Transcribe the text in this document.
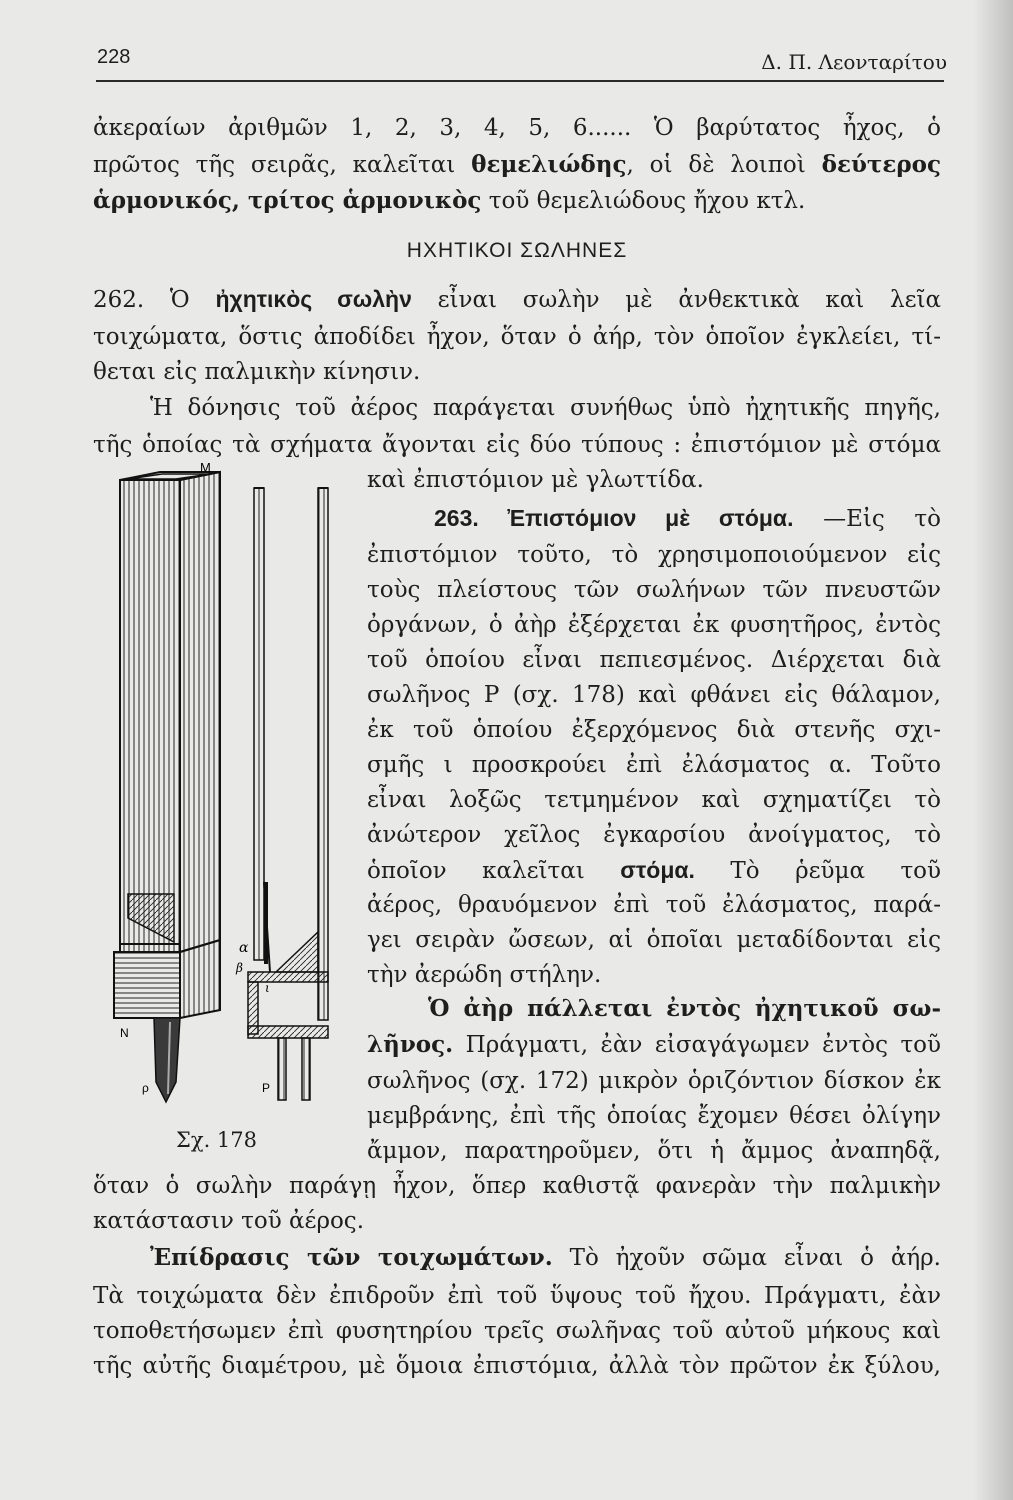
228	Δ. Π. Λεονταρίτου
ἀκεραίων ἀριθμῶν 1, 2, 3, 4, 5, 6...... Ὁ βαρύτατος ἦχος, ὁ
πρῶτος τῆς σειρᾶς, καλεῖται θεμελιώδης, οἱ δὲ λοιποὶ δεύτερος
ἁρμονικός, τρίτος ἁρμονικὸς τοῦ θεμελιώδους ἤχου κτλ.
ΗΧΗΤΙΚΟΙ ΣΩΛΗΝΕΣ
262. Ὁ ἠχητικὸς σωλὴν εἶναι σωλὴν μὲ ἀνθεκτικὰ καὶ λεῖα
τοιχώματα, ὅστις ἀποδίδει ἦχον, ὅταν ὁ ἀήρ, τὸν ὁποῖον ἐγκλείει, τί-
θεται εἰς παλμικὴν κίνησιν.
Ἡ δόνησις τοῦ ἀέρος παράγεται συνήθως ὑπὸ ἠχητικῆς πηγῆς,
τῆς ὁποίας τὰ σχήματα ἄγονται εἰς δύο τύπους : ἐπιστόμιον μὲ στόμα
καὶ ἐπιστόμιον μὲ γλωττίδα.
263. Ἐπιστόμιον μὲ στόμα. —Εἰς τὸ
ἐπιστόμιον τοῦτο, τὸ χρησιμοποιούμενον εἰς
τοὺς πλείστους τῶν σωλήνων τῶν πνευστῶν
ὀργάνων, ὁ ἀὴρ ἐξέρχεται ἐκ φυσητῆρος, ἐντὸς
τοῦ ὁποίου εἶναι πεπιεσμένος. Διέρχεται διὰ
σωλῆνος Ρ (σχ. 178) καὶ φθάνει εἰς θάλαμον,
ἐκ τοῦ ὁποίου ἐξερχόμενος διὰ στενῆς σχι-
σμῆς ι προσκρούει ἐπὶ ἐλάσματος α. Τοῦτο
εἶναι λοξῶς τετμημένον καὶ σχηματίζει τὸ
ἀνώτερον χεῖλος ἐγκαρσίου ἀνοίγματος, τὸ
ὁποῖον καλεῖται στόμα. Τὸ ῥεῦμα τοῦ
ἀέρος, θραυόμενον ἐπὶ τοῦ ἐλάσματος, παρά-
γει σειρὰν ὤσεων, αἱ ὁποῖαι μεταδίδονται εἰς
τὴν ἀερώδη στήλην.
Ὁ ἀὴρ πάλλεται ἐντὸς ἠχητικοῦ σω-
λῆνος. Πράγματι, ἐὰν εἰσαγάγωμεν ἐντὸς τοῦ
σωλῆνος (σχ. 172) μικρὸν ὁριζόντιον δίσκον ἐκ
μεμβράνης, ἐπὶ τῆς ὁποίας ἔχομεν θέσει ὀλίγην
ἄμμον, παρατηροῦμεν, ὅτι ἡ ἄμμος ἀναπηδᾷ,
ὅταν ὁ σωλὴν παράγῃ ἦχον, ὅπερ καθιστᾷ φανερὰν τὴν παλμικὴν
κατάστασιν τοῦ ἀέρος.
Ἐπίδρασις τῶν τοιχωμάτων. Τὸ ἠχοῦν σῶμα εἶναι ὁ ἀήρ.
Τὰ τοιχώματα δὲν ἐπιδροῦν ἐπὶ τοῦ ὕψους τοῦ ἤχου. Πράγματι, ἐὰν
τοποθετήσωμεν ἐπὶ φυσητηρίου τρεῖς σωλῆνας τοῦ αὐτοῦ μήκους καὶ
τῆς αὐτῆς διαμέτρου, μὲ ὅμοια ἐπιστόμια, ἀλλὰ τὸν πρῶτον ἐκ ξύλου,
M
N
ρ	P
α
β
ι
Σχ. 178
